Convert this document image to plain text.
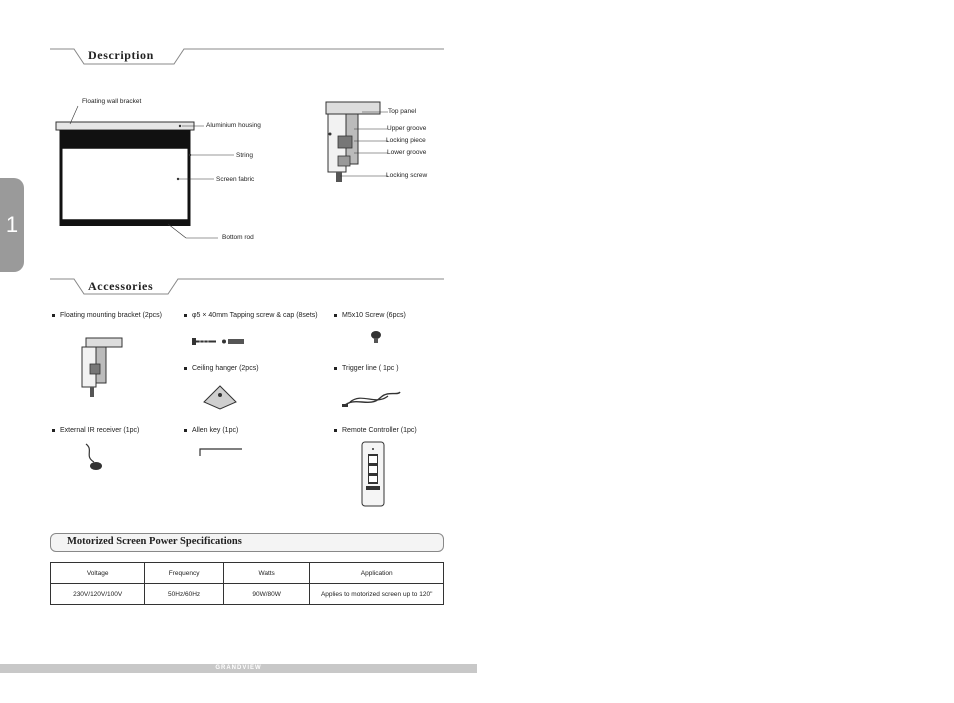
1
Description
Floating wall bracket
Aluminium housing
String
Screen fabric
Bottom rod
Top panel
Upper groove
Locking piece
Lower groove
Locking screw
Accessories
Floating mounting bracket (2pcs)	φ5 × 40mm Tapping screw & cap (8sets)	M5x10 Screw (6pcs)
Ceiling hanger (2pcs)	Trigger line ( 1pc )
External IR receiver (1pc)	Allen key (1pc)	Remote Controller (1pc)
Motorized Screen Power Specifications
Voltage	Frequency	Watts	Application
230V/120V/100V	50Hz/60Hz	90W/80W	Applies to motorized screen up to 120"
GRANDVIEW
